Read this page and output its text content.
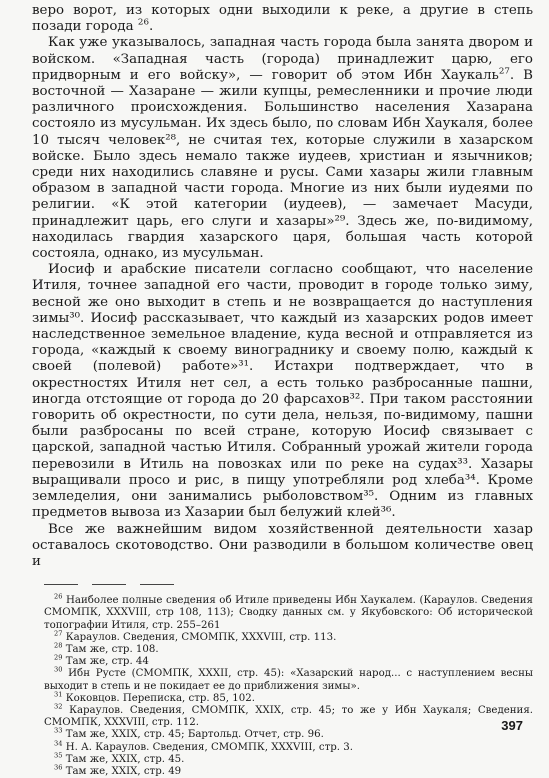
веро ворот, из которых одни выходили к реке, а другие в степь позади города $^{26}$.

Как уже указывалось, западная часть города была занята двором и войском. «Западная часть (города) принадлежит царю, его придворным и его войску», — говорит об этом Ибн Хаукаль$^{27}$. В восточной — Хазаране — жили купцы, ремесленники и прочие люди различного происхождения. Большинство населения Хазарана состояло из мусульман. Их здесь было, по словам Ибн Хаукаля, более 10 тысяч человек²⁸, не считая тех, которые служили в хазарском войске. Было здесь немало также иудеев, христиан и язычников; среди них находились славяне и русы. Сами хазары жили главным образом в западной части города. Многие из них были иудеями по религии. «К этой категории (иудеев), — замечает Масуди, принадлежит царь, его слуги и хазары»²⁹. Здесь же, по-видимому, находилась гвардия хазарского царя, большая часть которой состояла, однако, из мусульман.

Иосиф и арабские писатели согласно сообщают, что население Итиля, точнее западной его части, проводит в городе только зиму, весной же оно выходит в степь и не возвращается до наступления зимы³⁰. Иосиф рассказывает, что каждый из хазарских родов имеет наследственное земельное владение, куда весной и отправляется из города, «каждый к своему винограднику и своему полю, каждый к своей (полевой) работе»³¹. Истахри подтверждает, что в окрестностях Итиля нет сел, а есть только разбросанные пашни, иногда отстоящие от города до 20 фарсахов³². При таком расстоянии говорить об окрестности, по сути дела, нельзя, по-видимому, пашни были разбросаны по всей стране, которую Иосиф связывает с царской, западной частью Итиля. Собранный урожай жители города перевозили в Итиль на повозках или по реке на судах³³. Хазары выращивали просо и рис, в пищу употребляли род хлеба³⁴. Кроме земледелия, они занимались рыболовством³⁵. Одним из главных предметов вывоза из Хазарии был белужий клей³⁶.

Все же важнейшим видом хозяйственной деятельности хазар оставалось скотоводство. Они разводили в большом количестве овец и

$^{26}$ Наиболее полные сведения об Итиле приведены Ибн Хаукалем. (Караулов. Сведения СМОМПК, XXXVIII, стр 108, 113); Сводку данных см. у Якубовского: Об исторической топографии Итиля, стр. 255–261

$^{27}$ Караулов. Сведения, СМОМПК, XXXVIII, стр. 113.

$^{28}$ Там же, стр. 108.

$^{29}$ Там же, стр. 44

$^{30}$ Ибн Русте (СМОМПК, XXXII, стр. 45): «Хазарский народ... с наступлением весны выходит в степь и не покидает ее до приближения зимы».

$^{31}$ Коковцов. Переписка, стр. 85, 102.

$^{32}$ Караулов. Сведения, СМОМПК, XXIX, стр. 45; то же у Ибн Хаукаля; Сведения. СМОМПК, XXXVIII, стр. 112.

$^{33}$ Там же, XXIX, стр. 45; Бартольд. Отчет, стр. 96.

$^{34}$ Н. А. Караулов. Сведения, СМОМПК, XXXVIII, стр. 3.

$^{35}$ Там же, XXIX, стр. 45.

$^{36}$ Там же, XXIX, стр. 49

397
